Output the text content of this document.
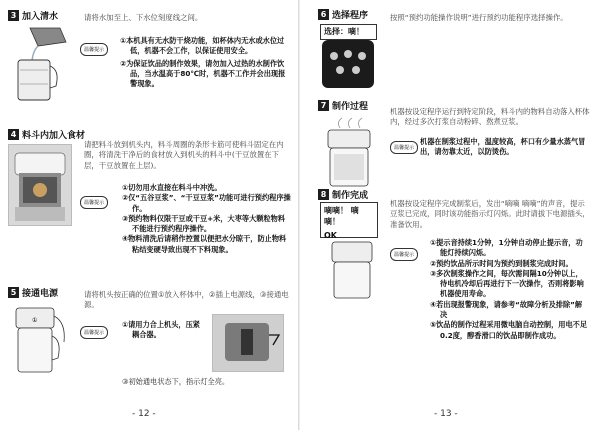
3 加入清水	请将水加至上、下水位刻度线之间。
温馨提示
①本机具有无水防干烧功能，如杯体内无水或水位过低，机器不会工作，以保证使用安全。
②为保证饮品的制作效果，请勿加入过热的水制作饮品，当水温高于80℃时，机器不工作并会出现报警现象。
4 料斗内加入食材
请把料斗放到机头内，料斗周圈的条形卡筋可使料斗固定在内圈，将清洗干净后的食材放入到机头的料斗中(干豆放置在下层，干豆放置在上层)。
温馨提示
①切勿用水直接在料斗中冲洗。
②仅“五谷豆浆”、“干豆豆浆”功能可进行预约程序操作。
③预约物料仅限干豆或干豆+米，大枣等大颗粒物料不能进行预约程序操作。
④物料清洗后请稍作控置以便把水分晾干，防止物料粘结变硬导致出现不下料现象。
5 接通电源
①
请将机头按正确的位置①放入杯体中，②插上电源线，③接通电源。
温馨提示
①请用力合上机头，压紧耦合器。
③初始通电状态下，指示灯全亮。
- 12 -
6 选择程序
选择：嘀！
按照“预约功能操作说明”进行预约功能程序选择操作。
7 制作过程	机器按设定程序运行到特定阶段，料斗内的物料自动落入杯体内，经过多次打浆自动粉碎、熬煮豆浆。
温馨提示
机器在制浆过程中，温度较高，杯口有少量水蒸气冒出，请勿靠太近，以防烫伤。
8 制作完成
嘀嘀！ 嘀嘀！
OK
机器按设定程序完成制浆后，发出“嘀嘀 嘀嘀”的声音，提示豆浆已完成，同时该功能指示灯闪烁。此时请拔下电源插头，准备饮用。
温馨提示
①提示音持续1分钟，1分钟自动停止提示音，功能灯持续闪烁。
②预约饮品所示时间为预约到制浆完成时间。
③多次制浆操作之间，每次需间隔10分钟以上，待电机冷却后再进行下一次操作，否则将影响机器使用寿命。
④若出现报警现象，请参考“故障分析及排除”解决
⑤饮品的制作过程采用微电脑自动控制，用电不足0.2度，醇香滑口的饮品即制作成功。
- 13 -
